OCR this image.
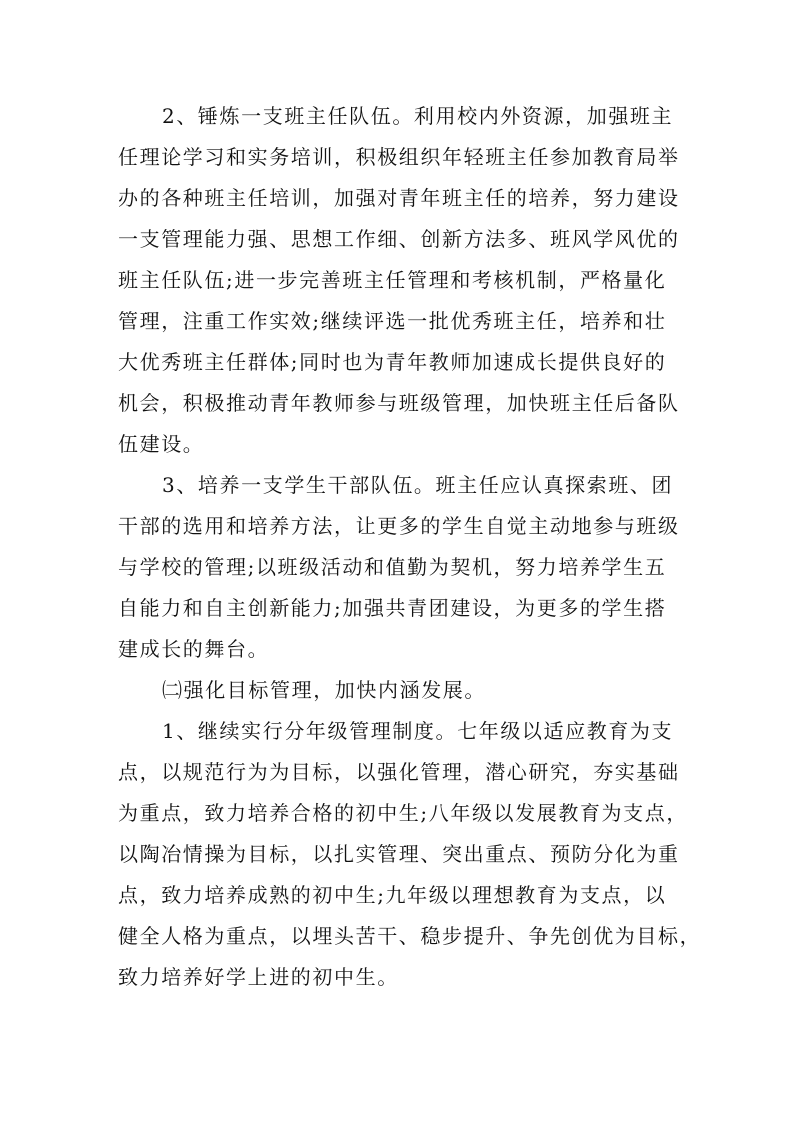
2、锤炼一支班主任队伍。利用校内外资源，加强班主
任理论学习和实务培训，积极组织年轻班主任参加教育局举
办的各种班主任培训，加强对青年班主任的培养，努力建设
一支管理能力强、思想工作细、创新方法多、班风学风优的
班主任队伍;进一步完善班主任管理和考核机制，严格量化
管理，注重工作实效;继续评选一批优秀班主任，培养和壮
大优秀班主任群体;同时也为青年教师加速成长提供良好的
机会，积极推动青年教师参与班级管理，加快班主任后备队
伍建设。
3、培养一支学生干部队伍。班主任应认真探索班、团
干部的选用和培养方法，让更多的学生自觉主动地参与班级
与学校的管理;以班级活动和值勤为契机，努力培养学生五
自能力和自主创新能力;加强共青团建设，为更多的学生搭
建成长的舞台。
㈡强化目标管理，加快内涵发展。
1、继续实行分年级管理制度。七年级以适应教育为支
点，以规范行为为目标，以强化管理，潜心研究，夯实基础
为重点，致力培养合格的初中生;八年级以发展教育为支点，
以陶冶情操为目标，以扎实管理、突出重点、预防分化为重
点，致力培养成熟的初中生;九年级以理想教育为支点，以
健全人格为重点，以埋头苦干、稳步提升、争先创优为目标，
致力培养好学上进的初中生。
